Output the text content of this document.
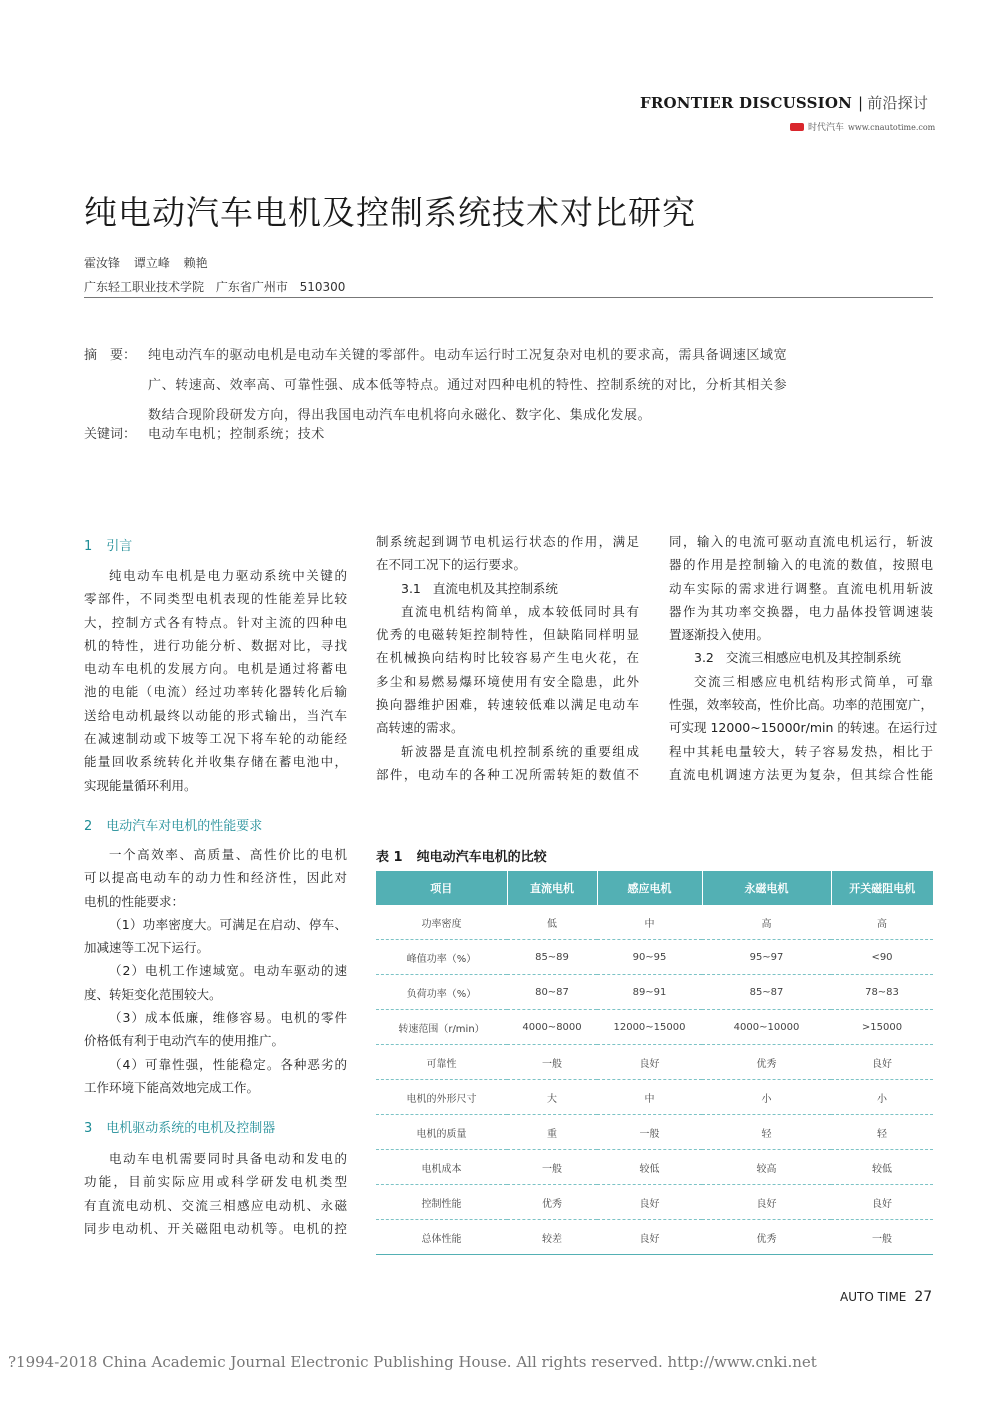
FRONTIER DISCUSSION | 前沿探讨
时代汽车 www.cnautotime.com
纯电动汽车电机及控制系统技术对比研究
霍汝锋 谭立峰 赖艳
广东轻工职业技术学院 广东省广州市 510300
摘　要： 纯电动汽车的驱动电机是电动车关键的零部件。电动车运行时工况复杂对电机的要求高，需具备调速区域宽
广、转速高、效率高、可靠性强、成本低等特点。通过对四种电机的特性、控制系统的对比，分析其相关参
数结合现阶段研发方向，得出我国电动汽车电机将向永磁化、数字化、集成化发展。
关键词： 电动车电机；控制系统；技术
1 引言
纯电动车电机是电力驱动系统中关键的
零部件，不同类型电机表现的性能差异比较
大，控制方式各有特点。针对主流的四种电
机的特性，进行功能分析、数据对比，寻找
电动车电机的发展方向。电机是通过将蓄电
池的电能（电流）经过功率转化器转化后输
送给电动机最终以动能的形式输出，当汽车
在减速制动或下坡等工况下将车轮的动能经
能量回收系统转化并收集存储在蓄电池中，
实现能量循环利用。
2 电动汽车对电机的性能要求
一个高效率、高质量、高性价比的电机
可以提高电动车的动力性和经济性，因此对
电机的性能要求：
（1）功率密度大。可满足在启动、停车、
加减速等工况下运行。
（2）电机工作速域宽。电动车驱动的速
度、转矩变化范围较大。
（3）成本低廉，维修容易。电机的零件
价格低有利于电动汽车的使用推广。
（4）可靠性强，性能稳定。各种恶劣的
工作环境下能高效地完成工作。
3 电机驱动系统的电机及控制器
电动车电机需要同时具备电动和发电的
功能，目前实际应用或科学研发电机类型
有直流电动机、交流三相感应电动机、永磁
同步电动机、开关磁阻电动机等。电机的控
制系统起到调节电机运行状态的作用，满足
在不同工况下的运行要求。
3.1 直流电机及其控制系统
直流电机结构简单，成本较低同时具有
优秀的电磁转矩控制特性，但缺陷同样明显
在机械换向结构时比较容易产生电火花，在
多尘和易燃易爆环境使用有安全隐患，此外
换向器维护困难，转速较低难以满足电动车
高转速的需求。
斩波器是直流电机控制系统的重要组成
部件，电动车的各种工况所需转矩的数值不
同，输入的电流可驱动直流电机运行，斩波
器的作用是控制输入的电流的数值，按照电
动车实际的需求进行调整。直流电机用斩波
器作为其功率交换器，电力晶体投管调速装
置逐渐投入使用。
3.2 交流三相感应电机及其控制系统
交流三相感应电机结构形式简单，可靠
性强，效率较高，性价比高。功率的范围宽广，
可实现 12000~15000r/min 的转速。在运行过
程中其耗电量较大，转子容易发热，相比于
直流电机调速方法更为复杂，但其综合性能
表 1 纯电动汽车电机的比较
项目	直流电机	感应电机	永磁电机	开关磁阻电机
功率密度	低	中	高	高
峰值功率（%）	85~89	90~95	95~97	<90
负荷功率（%）	80~87	89~91	85~87	78~83
转速范围（r/min）	4000~8000	12000~15000	4000~10000	>15000
可靠性	一般	良好	优秀	良好
电机的外形尺寸	大	中	小	小
电机的质量	重	一般	轻	轻
电机成本	一般	较低	较高	较低
控制性能	优秀	良好	良好	良好
总体性能	较差	良好	优秀	一般
AUTO TIME 27
?1994-2018 China Academic Journal Electronic Publishing House. All rights reserved. http://www.cnki.net
